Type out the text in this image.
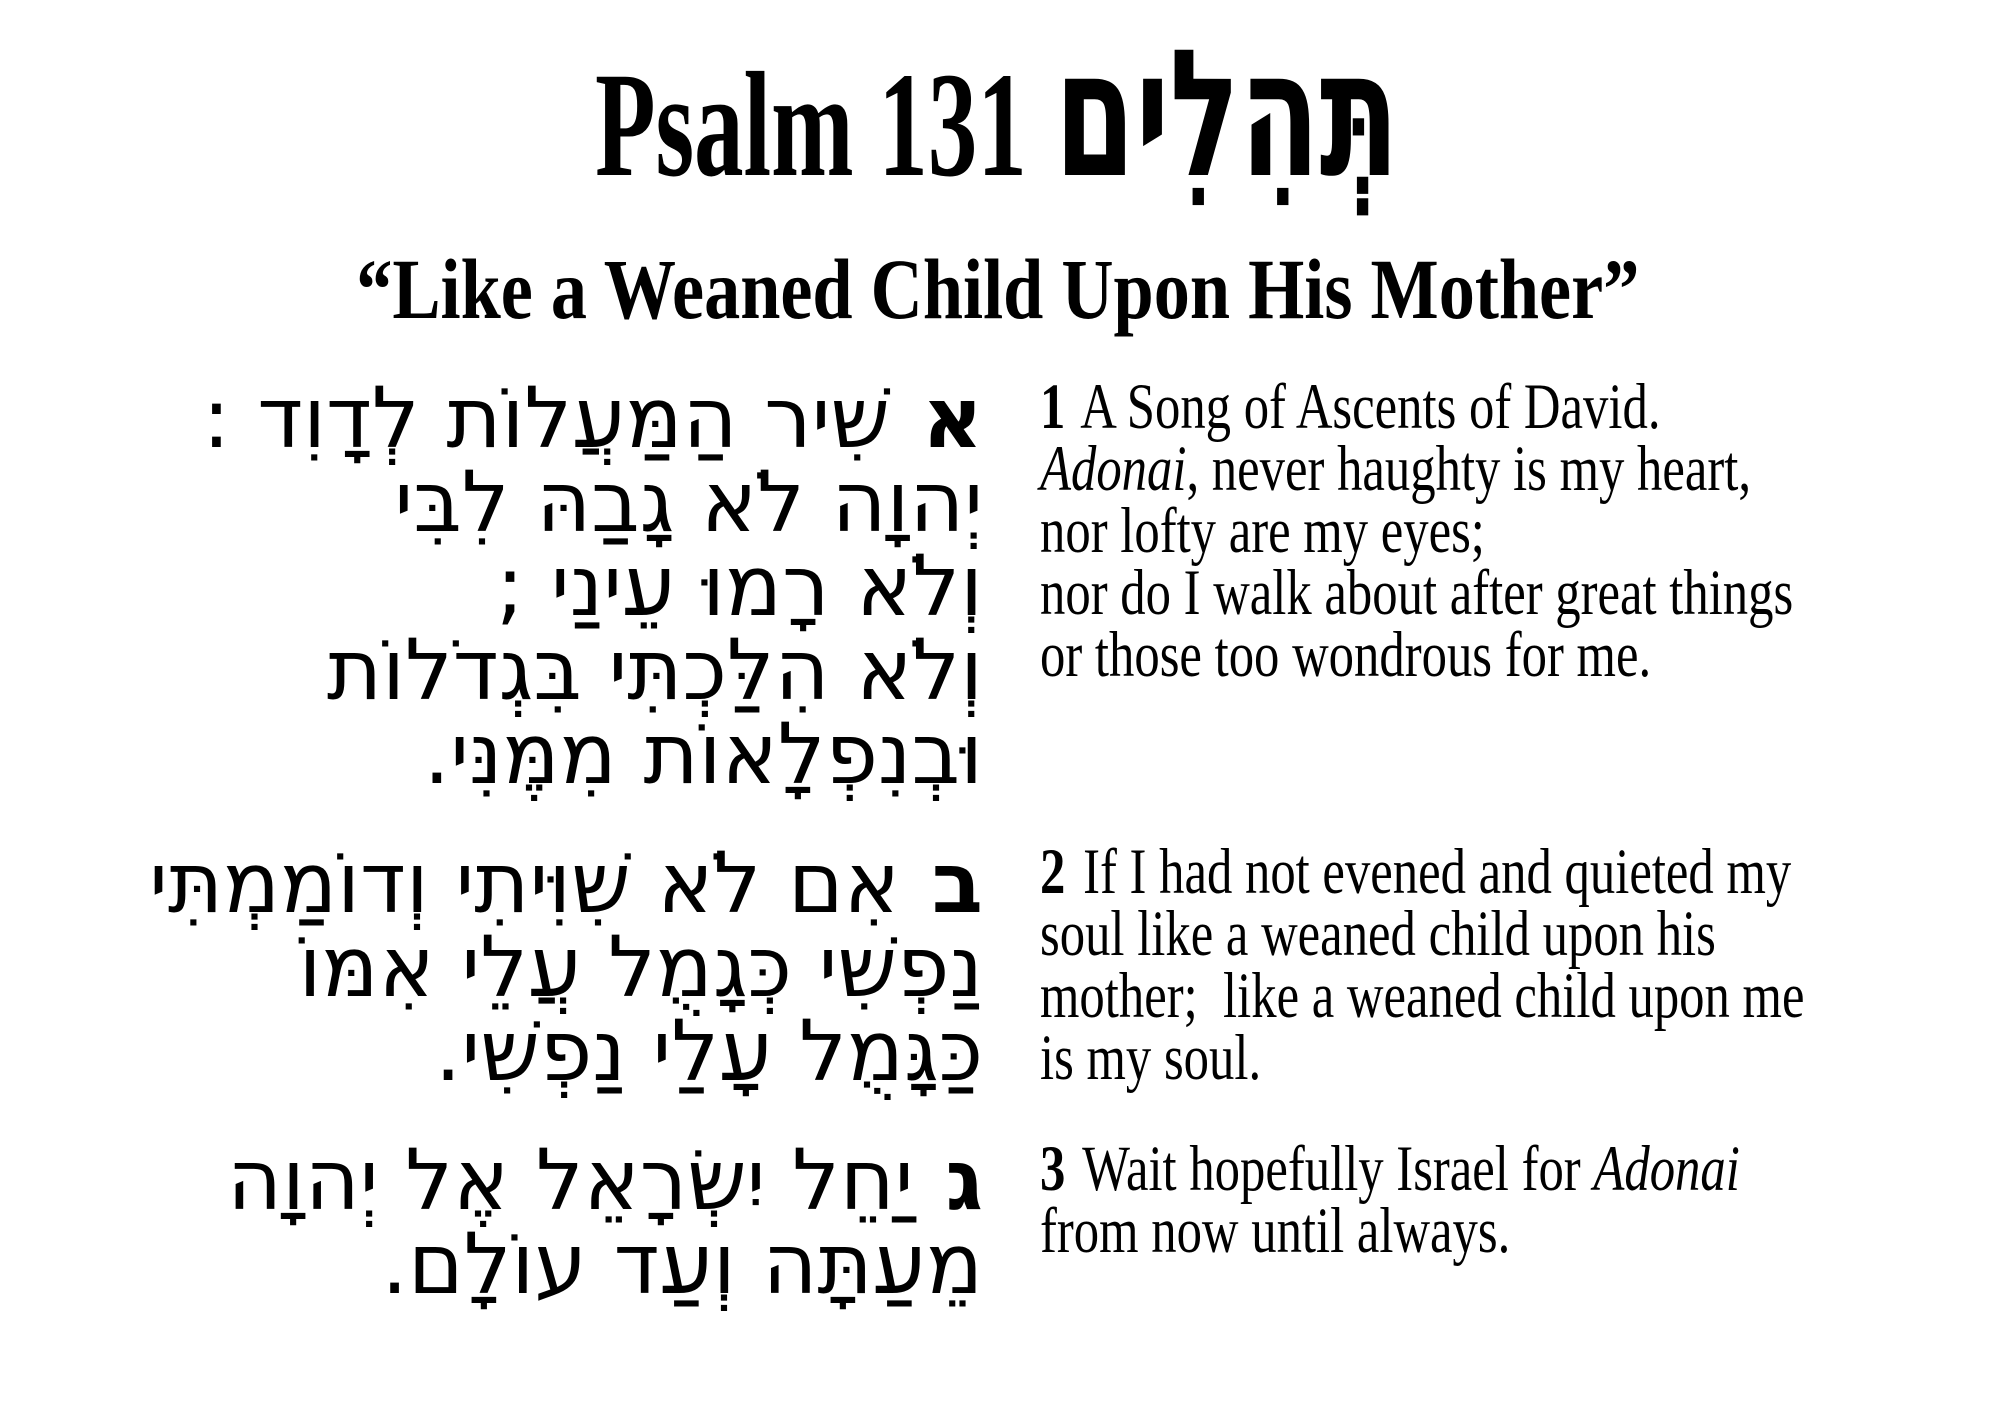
Psalm 131 תְּהִלִים
“Like a Weaned Child Upon His Mother”
אשִׁיר הַמַּעֲלוֹת לְדָוִד :
יְהוָה לֹא גָבַהּ לִבִּי
וְלֹא רָמוּ עֵינַי ;
וְלֹא הִלַּכְתִּי בִּגְדֹלוֹת
וּבְנִפְלָאוֹת מִמֶּנִּי.
1 A Song of Ascents of David.
Adonai, never haughty is my heart,
nor lofty are my eyes;
nor do I walk about after great things
or those too wondrous for me.
באִם לֹא שִׁוִּיתִי וְדוֹמַמְתִּי
נַפְשִׁי כְּגָמֻל עֲלֵי אִמּוֹ
כַּגָּמֻל עָלַי נַפְשִׁי.
2 If I had not evened and quieted my
soul like a weaned child upon his
mother;  like a weaned child upon me
is my soul.
גיַחֵל יִשְׂרָאֵל אֶל יְהוָה
מֵעַתָּה וְעַד עוֹלָם.
3 Wait hopefully Israel for Adonai
from now until always.
